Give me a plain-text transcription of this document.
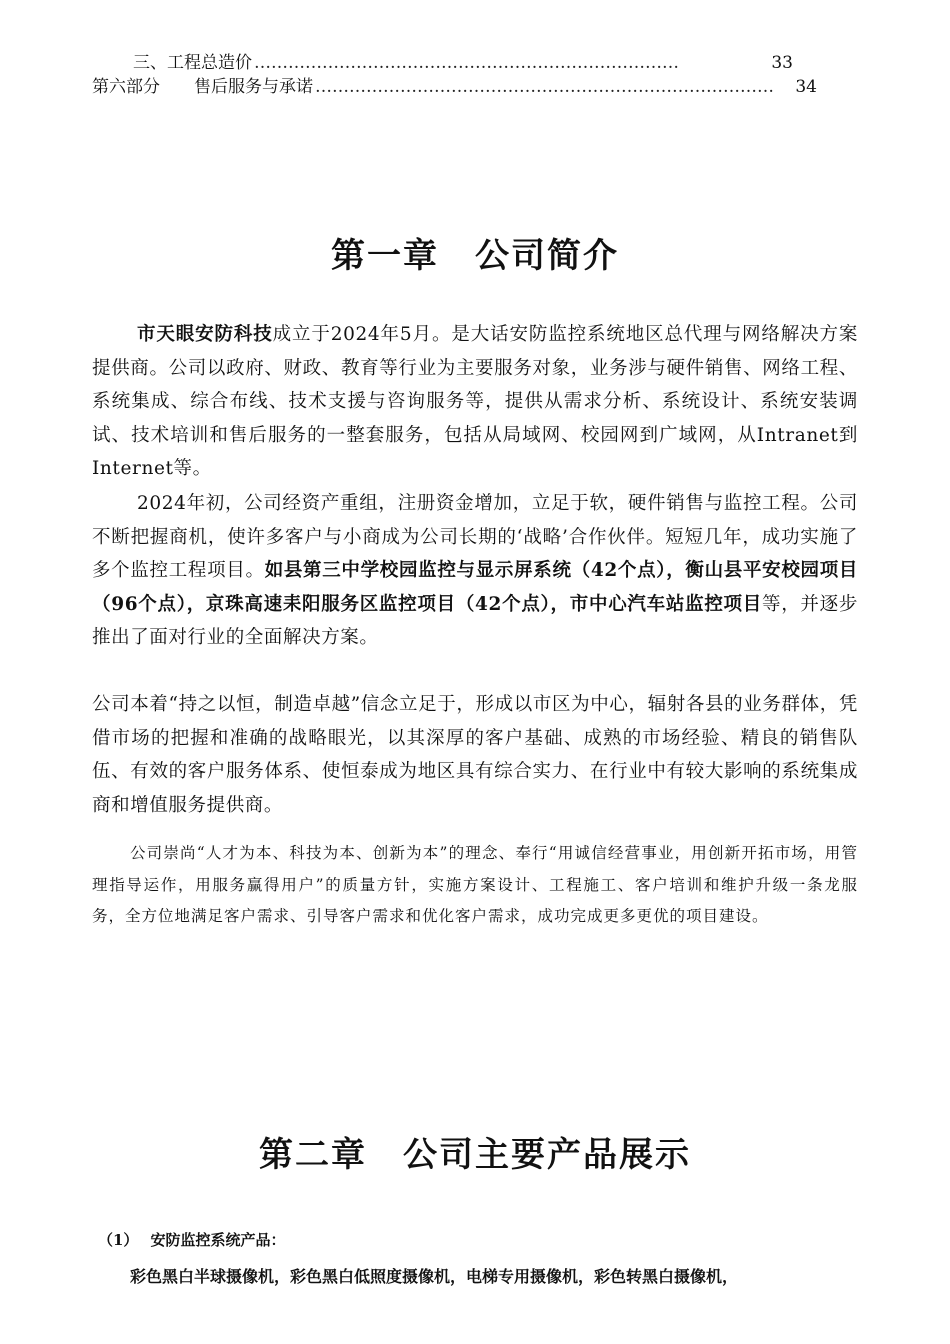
三、工程总造价 …………………………………………………………………	33
第六部分 售后服务与承诺 ………………………………………………………………………	34
第一章　公司简介
市天眼安防科技成立于2024年5月。是大话安防监控系统地区总代理与网络解决方案提供商。公司以政府、财政、教育等行业为主要服务对象，业务涉与硬件销售、网络工程、系统集成、综合布线、技术支援与咨询服务等，提供从需求分析、系统设计、系统安装调试、技术培训和售后服务的一整套服务，包括从局域网、校园网到广域网，从Intranet到Internet等。
2024年初，公司经资产重组，注册资金增加，立足于软，硬件销售与监控工程。公司不断把握商机，使许多客户与小商成为公司长期的‘战略’合作伙伴。短短几年，成功实施了多个监控工程项目。如县第三中学校园监控与显示屏系统（42个点），衡山县平安校园项目（96个点），京珠高速耒阳服务区监控项目（42个点），市中心汽车站监控项目等，并逐步推出了面对行业的全面解决方案。
公司本着“持之以恒，制造卓越”信念立足于，形成以市区为中心，辐射各县的业务群体，凭借市场的把握和准确的战略眼光，以其深厚的客户基础、成熟的市场经验、精良的销售队伍、有效的客户服务体系、使恒泰成为地区具有综合实力、在行业中有较大影响的系统集成商和增值服务提供商。
公司崇尚“人才为本、科技为本、创新为本”的理念、奉行“用诚信经营事业，用创新开拓市场，用管理指导运作，用服务赢得用户”的质量方针，实施方案设计、工程施工、客户培训和维护升级一条龙服务，全方位地满足客户需求、引导客户需求和优化客户需求，成功完成更多更优的项目建设。
第二章　公司主要产品展示
（1） 安防监控系统产品：
彩色黑白半球摄像机，彩色黑白低照度摄像机，电梯专用摄像机，彩色转黑白摄像机，
